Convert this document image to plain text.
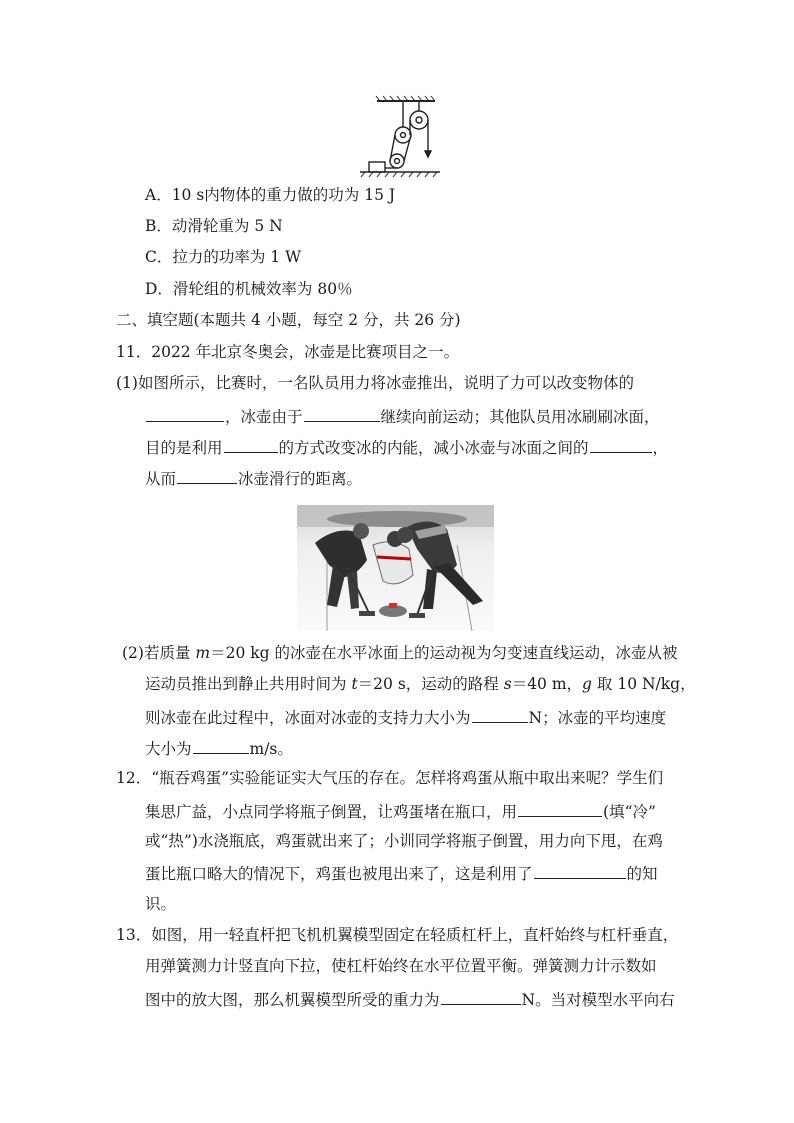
A．10 s内物体的重力做的功为 15 J
B．动滑轮重为 5 N
C．拉力的功率为 1 W
D．滑轮组的机械效率为 80％
二、填空题(本题共 4 小题，每空 2 分，共 26 分)
11．2022 年北京冬奥会，冰壶是比赛项目之一。
(1)如图所示，比赛时，一名队员用力将冰壶推出，说明了力可以改变物体的
，冰壶由于	继续向前运动；其他队员用冰刷刷冰面，
目的是利用	的方式改变冰的内能，减小冰壶与冰面之间的	，
从而	冰壶滑行的距离。
(2)若质量 m＝20 kg 的冰壶在水平冰面上的运动视为匀变速直线运动，冰壶从被
运动员推出到静止共用时间为 t＝20 s，运动的路程 s＝40 m，g 取 10 N/kg，
则冰壶在此过程中，冰面对冰壶的支持力大小为	N；冰壶的平均速度
大小为	m/s。
12．“瓶吞鸡蛋”实验能证实大气压的存在。怎样将鸡蛋从瓶中取出来呢？学生们
集思广益，小点同学将瓶子倒置，让鸡蛋堵在瓶口，用	(填“冷”
或“热”)水浇瓶底，鸡蛋就出来了；小训同学将瓶子倒置，用力向下甩，在鸡
蛋比瓶口略大的情况下，鸡蛋也被甩出来了，这是利用了	的知
识。
13．如图，用一轻直杆把飞机机翼模型固定在轻质杠杆上，直杆始终与杠杆垂直，
用弹簧测力计竖直向下拉，使杠杆始终在水平位置平衡。弹簧测力计示数如
图中的放大图，那么机翼模型所受的重力为	N。当对模型水平向右
